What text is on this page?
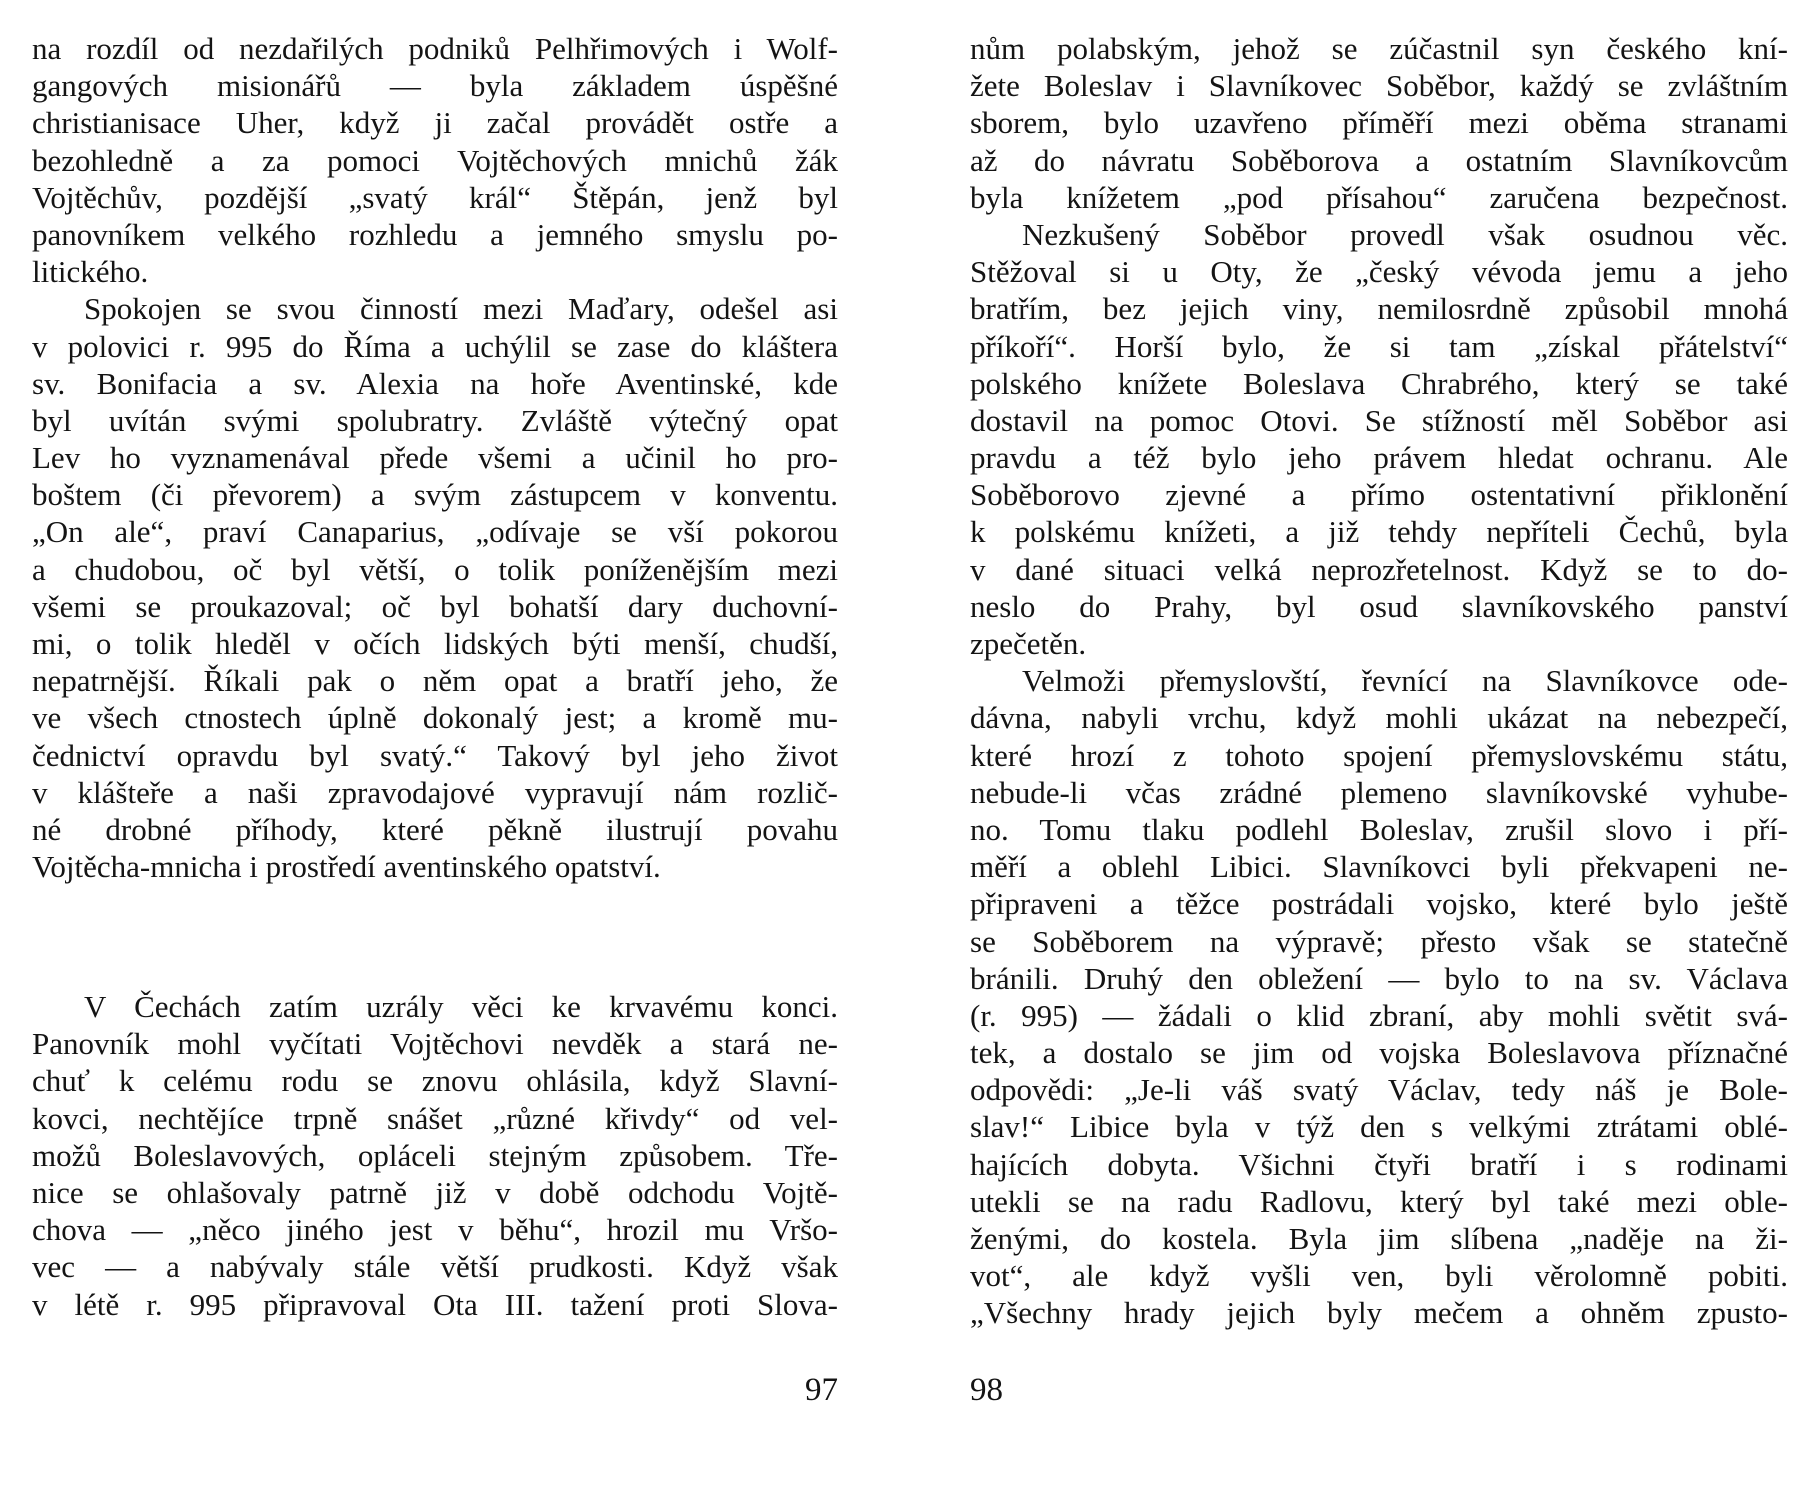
na rozdíl od nezdařilých podniků Pelhřimových i Wolf-
gangových misionářů — byla základem úspěšné
christianisace Uher, když ji začal provádět ostře a
bezohledně a za pomoci Vojtěchových mnichů žák
Vojtěchův, pozdější „svatý král“ Štěpán, jenž byl
panovníkem velkého rozhledu a jemného smyslu po-
litického.
Spokojen se svou činností mezi Maďary, odešel asi
v polovici r. 995 do Říma a uchýlil se zase do kláštera
sv. Bonifacia a sv. Alexia na hoře Aventinské, kde
byl uvítán svými spolubratry. Zvláště výtečný opat
Lev ho vyznamenával přede všemi a učinil ho pro-
boštem (či převorem) a svým zástupcem v konventu.
„On ale“, praví Canaparius, „odívaje se vší pokorou
a chudobou, oč byl větší, o tolik poníženějším mezi
všemi se proukazoval; oč byl bohatší dary duchovní-
mi, o tolik hleděl v očích lidských býti menší, chudší,
nepatrnější. Říkali pak o něm opat a bratří jeho, že
ve všech ctnostech úplně dokonalý jest; a kromě mu-
čednictví opravdu byl svatý.“ Takový byl jeho život
v klášteře a naši zpravodajové vypravují nám rozlič-
né drobné příhody, které pěkně ilustrují povahu
Vojtěcha-mnicha i prostředí aventinského opatství.
V Čechách zatím uzrály věci ke krvavému konci.
Panovník mohl vyčítati Vojtěchovi nevděk a stará ne-
chuť k celému rodu se znovu ohlásila, když Slavní-
kovci, nechtějíce trpně snášet „různé křivdy“ od vel-
možů Boleslavových, opláceli stejným způsobem. Tře-
nice se ohlašovaly patrně již v době odchodu Vojtě-
chova — „něco jiného jest v běhu“, hrozil mu Vršo-
vec — a nabývaly stále větší prudkosti. Když však
v létě r. 995 připravoval Ota III. tažení proti Slova-
97
nům polabským, jehož se zúčastnil syn českého kní-
žete Boleslav i Slavníkovec Soběbor, každý se zvláštním
sborem, bylo uzavřeno příměří mezi oběma stranami
až do návratu Soběborova a ostatním Slavníkovcům
byla knížetem „pod přísahou“ zaručena bezpečnost.
Nezkušený Soběbor provedl však osudnou věc.
Stěžoval si u Oty, že „český vévoda jemu a jeho
bratřím, bez jejich viny, nemilosrdně způsobil mnohá
příkoří“. Horší bylo, že si tam „získal přátelství“
polského knížete Boleslava Chrabrého, který se také
dostavil na pomoc Otovi. Se stížností měl Soběbor asi
pravdu a též bylo jeho právem hledat ochranu. Ale
Soběborovo zjevné a přímo ostentativní přiklonění
k polskému knížeti, a již tehdy nepříteli Čechů, byla
v dané situaci velká neprozřetelnost. Když se to do-
neslo do Prahy, byl osud slavníkovského panství
zpečetěn.
Velmoži přemyslovští, řevnící na Slavníkovce ode-
dávna, nabyli vrchu, když mohli ukázat na nebezpečí,
které hrozí z tohoto spojení přemyslovskému státu,
nebude-li včas zrádné plemeno slavníkovské vyhube-
no. Tomu tlaku podlehl Boleslav, zrušil slovo i pří-
měří a oblehl Libici. Slavníkovci byli překvapeni ne-
připraveni a těžce postrádali vojsko, které bylo ještě
se Soběborem na výpravě; přesto však se statečně
bránili. Druhý den obležení — bylo to na sv. Václava
(r. 995) — žádali o klid zbraní, aby mohli světit svá-
tek, a dostalo se jim od vojska Boleslavova příznačné
odpovědi: „Je-li váš svatý Václav, tedy náš je Bole-
slav!“ Libice byla v týž den s velkými ztrátami oblé-
hajících dobyta. Všichni čtyři bratří i s rodinami
utekli se na radu Radlovu, který byl také mezi oble-
ženými, do kostela. Byla jim slíbena „naděje na ži-
vot“, ale když vyšli ven, byli věrolomně pobiti.
„Všechny hrady jejich byly mečem a ohněm zpusto-
98
